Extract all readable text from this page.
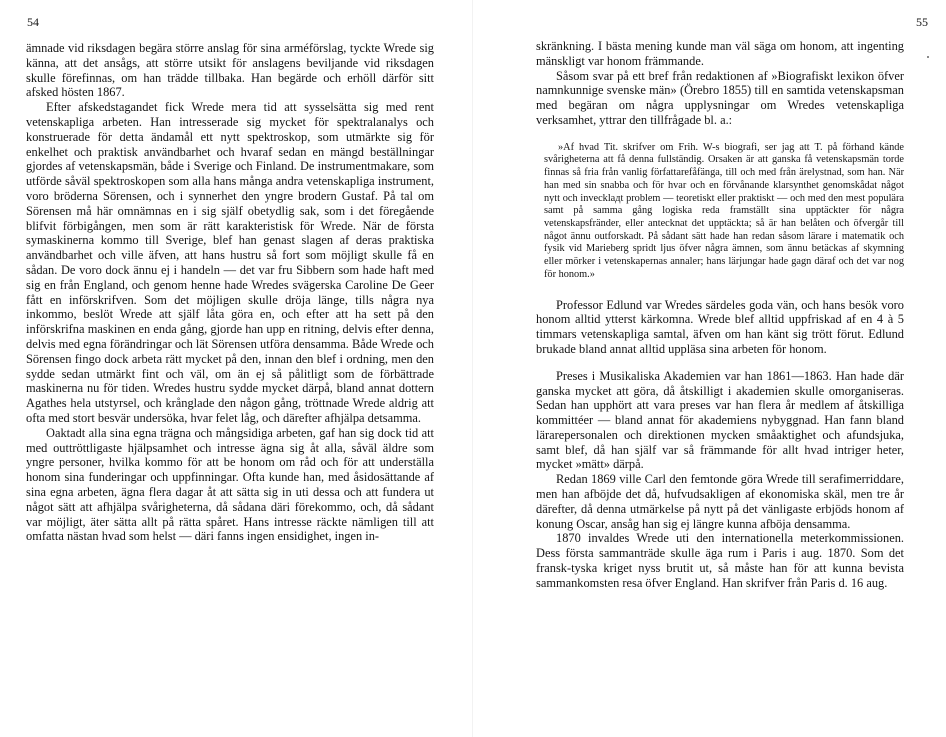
54

ämnade vid riksdagen begära större anslag för sina arméförslag, tyckte Wrede sig känna, att det ansågs, att större utsikt för anslagens beviljande vid riksdagen skulle förefinnas, om han trädde tillbaka. Han begärde och erhöll därför sitt afsked hösten 1867.

Efter afskedstagandet fick Wrede mera tid att sysselsätta sig med rent vetenskapliga arbeten. Han intresserade sig mycket för spektralanalys och konstruerade för detta ändamål ett nytt spektroskop, som utmärkte sig för enkelhet och praktisk användbarhet och hvaraf sedan en mängd beställningar gjordes af vetenskapsmän, både i Sverige och Finland. De instrumentmakare, som utförde såväl spektroskopen som alla hans många andra vetenskapliga instrument, voro bröderna Sörensen, och i synnerhet den yngre brodern Gustaf. På tal om Sörensen må här omnämnas en i sig själf obetydlig sak, som i det föregående blifvit förbigången, men som är rätt karakteristisk för Wrede. När de första symaskinerna kommo till Sverige, blef han genast slagen af deras praktiska användbarhet och ville äfven, att hans hustru så fort som möjligt skulle få en sådan. De voro dock ännu ej i handeln — det var fru Sibbern som hade haft med sig en från England, och genom henne hade Wredes svägerska Caroline De Geer fått en införskrifven. Som det möjligen skulle dröja länge, tills några nya inkommo, beslöt Wrede att själf låta göra en, och efter att ha sett på den införskrifna maskinen en enda gång, gjorde han upp en ritning, delvis efter denna, delvis med egna förändringar och lät Sörensen utföra densamma. Både Wrede och Sörensen fingo dock arbeta rätt mycket på den, innan den blef i ordning, men den sydde sedan utmärkt fint och väl, om än ej så pålitligt som de förbättrade maskinerna nu för tiden. Wredes hustru sydde mycket därpå, bland annat dottern Agathes hela utstyrsel, och krånglade den någon gång, tröttnade Wrede aldrig att ofta med stort besvär undersöka, hvar felet låg, och därefter afhjälpa detsamma.

Oaktadt alla sina egna trägna och mångsidiga arbeten, gaf han sig dock tid att med outtröttligaste hjälpsamhet och intresse ägna sig åt alla, såväl äldre som yngre personer, hvilka kommo för att be honom om råd och för att underställa honom sina funderingar och uppfinningar. Ofta kunde han, med åsidosättande af sina egna arbeten, ägna flera dagar åt att sätta sig in uti dessa och att fundera ut något sätt att afhjälpa svårigheterna, då sådana däri förekommo, och, då sådant var möjligt, äter sätta allt på rätta spåret. Hans intresse räckte nämligen till att omfatta nästan hvad som helst — däri fanns ingen ensidighet, ingen in-

55

skränkning. I bästa mening kunde man väl säga om honom, att ingenting mänskligt var honom främmande.

Såsom svar på ett bref från redaktionen af »Biografiskt lexikon öfver namnkunnige svenske män» (Örebro 1855) till en samtida vetenskapsman med begäran om några upplysningar om Wredes vetenskapliga verksamhet, yttrar den tillfrågade bl. a.:

»Af hvad Tit. skrifver om Frih. W-s biografi, ser jag att T. på förhand kände svårigheterna att få denna fullständig. Orsaken är att ganska få vetenskapsmän torde finnas så fria från vanlig författarefåfänga, till och med från ärelystnad, som han. När han med sin snabba och för hvar och en förvånande klarsynthet genomskådat något nytt och invecklадt problem — teoretiskt eller praktiskt — och med den mest populära samt på samma gång logiska reda framställt sina upptäckter för några vetenskapsfränder, eller antecknat det upptäckta; så är han belåten och öfvergår till något ännu outforskadt. På sådant sätt hade han redan såsom lärare i matematik och fysik vid Marieberg spridt ljus öfver några ämnen, som ännu betäckas af skymning eller mörker i vetenskapernas annaler; hans lärjungar hade gagn däraf och det var nog för honom.»

Professor Edlund var Wredes särdeles goda vän, och hans besök voro honom alltid ytterst kärkomna. Wrede blef alltid uppfriskad af en 4 à 5 timmars vetenskapliga samtal, äfven om han känt sig trött förut. Edlund brukade bland annat alltid uppläsa sina arbeten för honom.

Preses i Musikaliska Akademien var han 1861—1863. Han hade där ganska mycket att göra, då åtskilligt i akademien skulle omorganiseras. Sedan han upphört att vara preses var han flera år medlem af åtskilliga kommittéer — bland annat för akademiens nybyggnad. Han fann bland lärarepersonalen och direktionen mycken småaktighet och afundsjuka, samt blef, då han själf var så främmande för allt hvad intriger heter, mycket »mätt» därpå.

Redan 1869 ville Carl den femtonde göra Wrede till serafimerriddare, men han afböjde det då, hufvudsakligen af ekonomiska skäl, men tre år därefter, då denna utmärkelse på nytt på det vänligaste erbjöds honom af konung Oscar, ansåg han sig ej längre kunna afböja densamma.

1870 invaldes Wrede uti den internationella meterkommissionen. Dess första sammanträde skulle äga rum i Paris i aug. 1870. Som det fransk-tyska kriget nyss brutit ut, så måste han för att kunna bevista sammankomsten resa öfver England. Han skrifver från Paris d. 16 aug.
